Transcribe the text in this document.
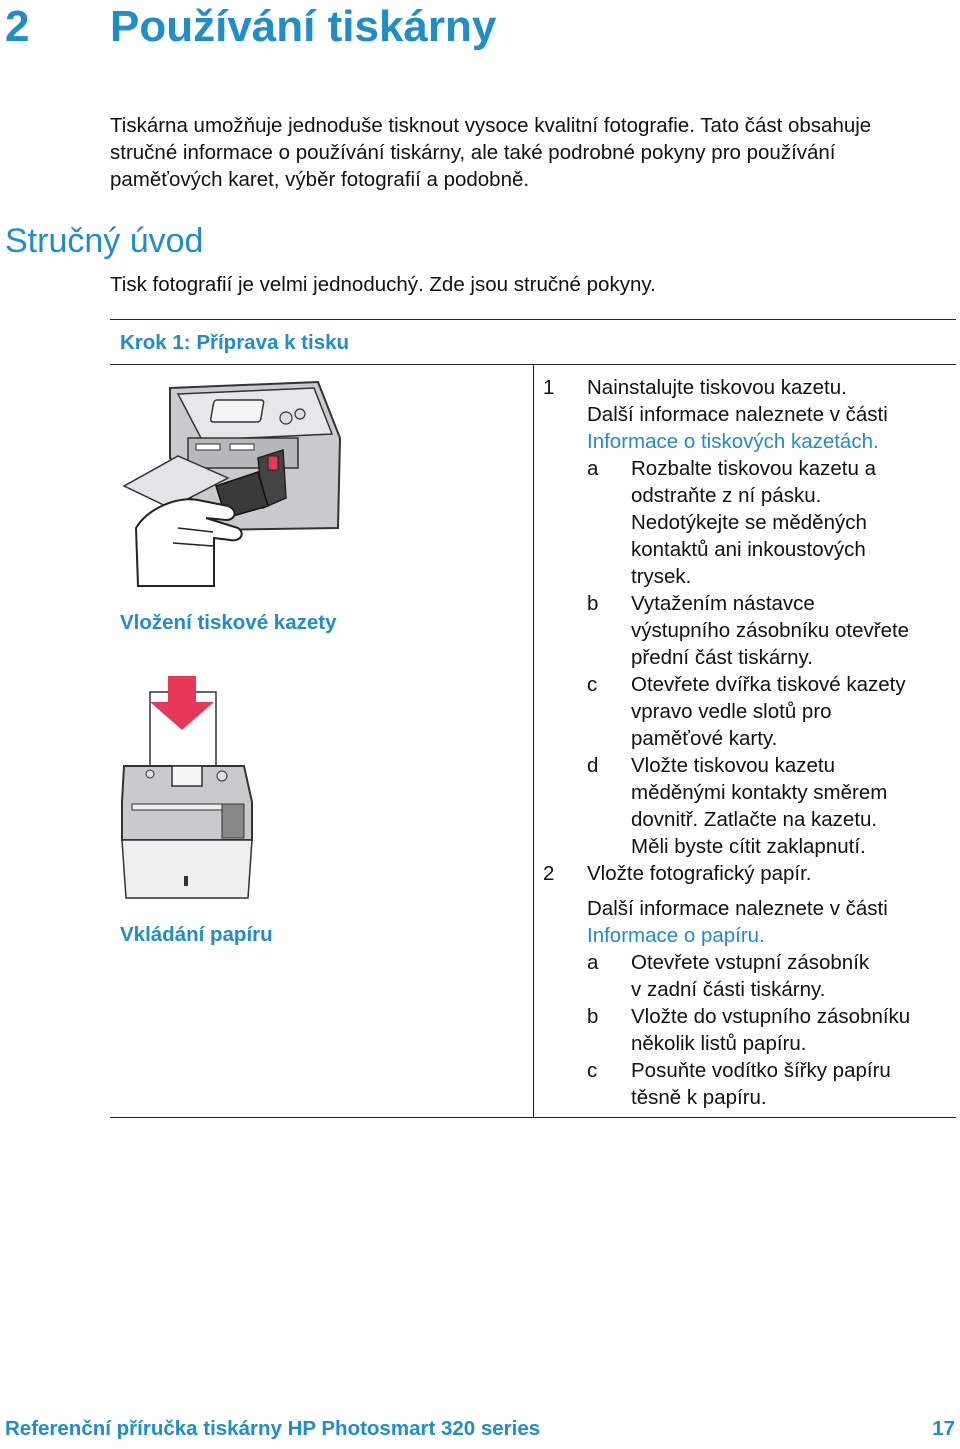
2 Používání tiskárny
Tiskárna umožňuje jednoduše tisknout vysoce kvalitní fotografie. Tato část obsahuje stručné informace o používání tiskárny, ale také podrobné pokyny pro používání paměťových karet, výběr fotografií a podobně.
Stručný úvod
Tisk fotografií je velmi jednoduchý. Zde jsou stručné pokyny.
Krok 1: Příprava k tisku
Vložení tiskové kazety
Vkládání papíru
1	Nainstalujte tiskovou kazetu.
Další informace naleznete v části
Informace o tiskových kazetách.
a	Rozbalte tiskovou kazetu a
odstraňte z ní pásku.
Nedotýkejte se měděných
kontaktů ani inkoustových
trysek.
b	Vytažením nástavce
výstupního zásobníku otevřete
přední část tiskárny.
c	Otevřete dvířka tiskové kazety
vpravo vedle slotů pro
paměťové karty.
d	Vložte tiskovou kazetu
měděnými kontakty směrem
dovnitř. Zatlačte na kazetu.
Měli byste cítit zaklapnutí.
2	Vložte fotografický papír.
Další informace naleznete v části
Informace o papíru.
a	Otevřete vstupní zásobník
v zadní části tiskárny.
b	Vložte do vstupního zásobníku
několik listů papíru.
c	Posuňte vodítko šířky papíru
těsně k papíru.
Referenční příručka tiskárny HP Photosmart 320 series	17
